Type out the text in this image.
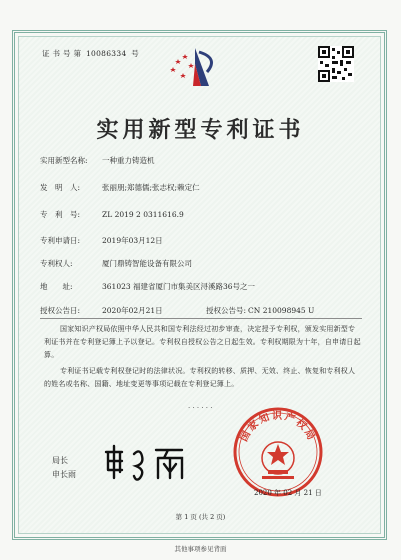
证 书 号 第 10086334 号
实用新型专利证书
实用新型名称: 一种重力铸造机
发　明　人:	张丽朋;郑德儒;张志权;赖定仁
专　利　号:	ZL 2019 2 0311616.9
专利申请日:	2019年03月12日
专利权人:	厦门鼎铸智能设备有限公司
地　　址:	361023 福建省厦门市集美区浔溪路36号之一
授权公告日:	2020年02月21日	授权公告号: CN 210098945 U
国家知识产权局依照中华人民共和国专利法经过初步审查，决定授予专利权，颁发实用新型专利证书并在专利登记簿上予以登记。专利权自授权公告之日起生效。专利权期限为十年，自申请日起算。
专利证书记载专利权登记时的法律状况。专利权的转移、质押、无效、终止、恢复和专利权人的姓名或名称、国籍、地址变更等事项记载在专利登记簿上。
· · · · · ·
局长
申长雨
国家知识产权局
2020 年 02 月 21 日
第 1 页 (共 2 页)
其他事项参见背面
